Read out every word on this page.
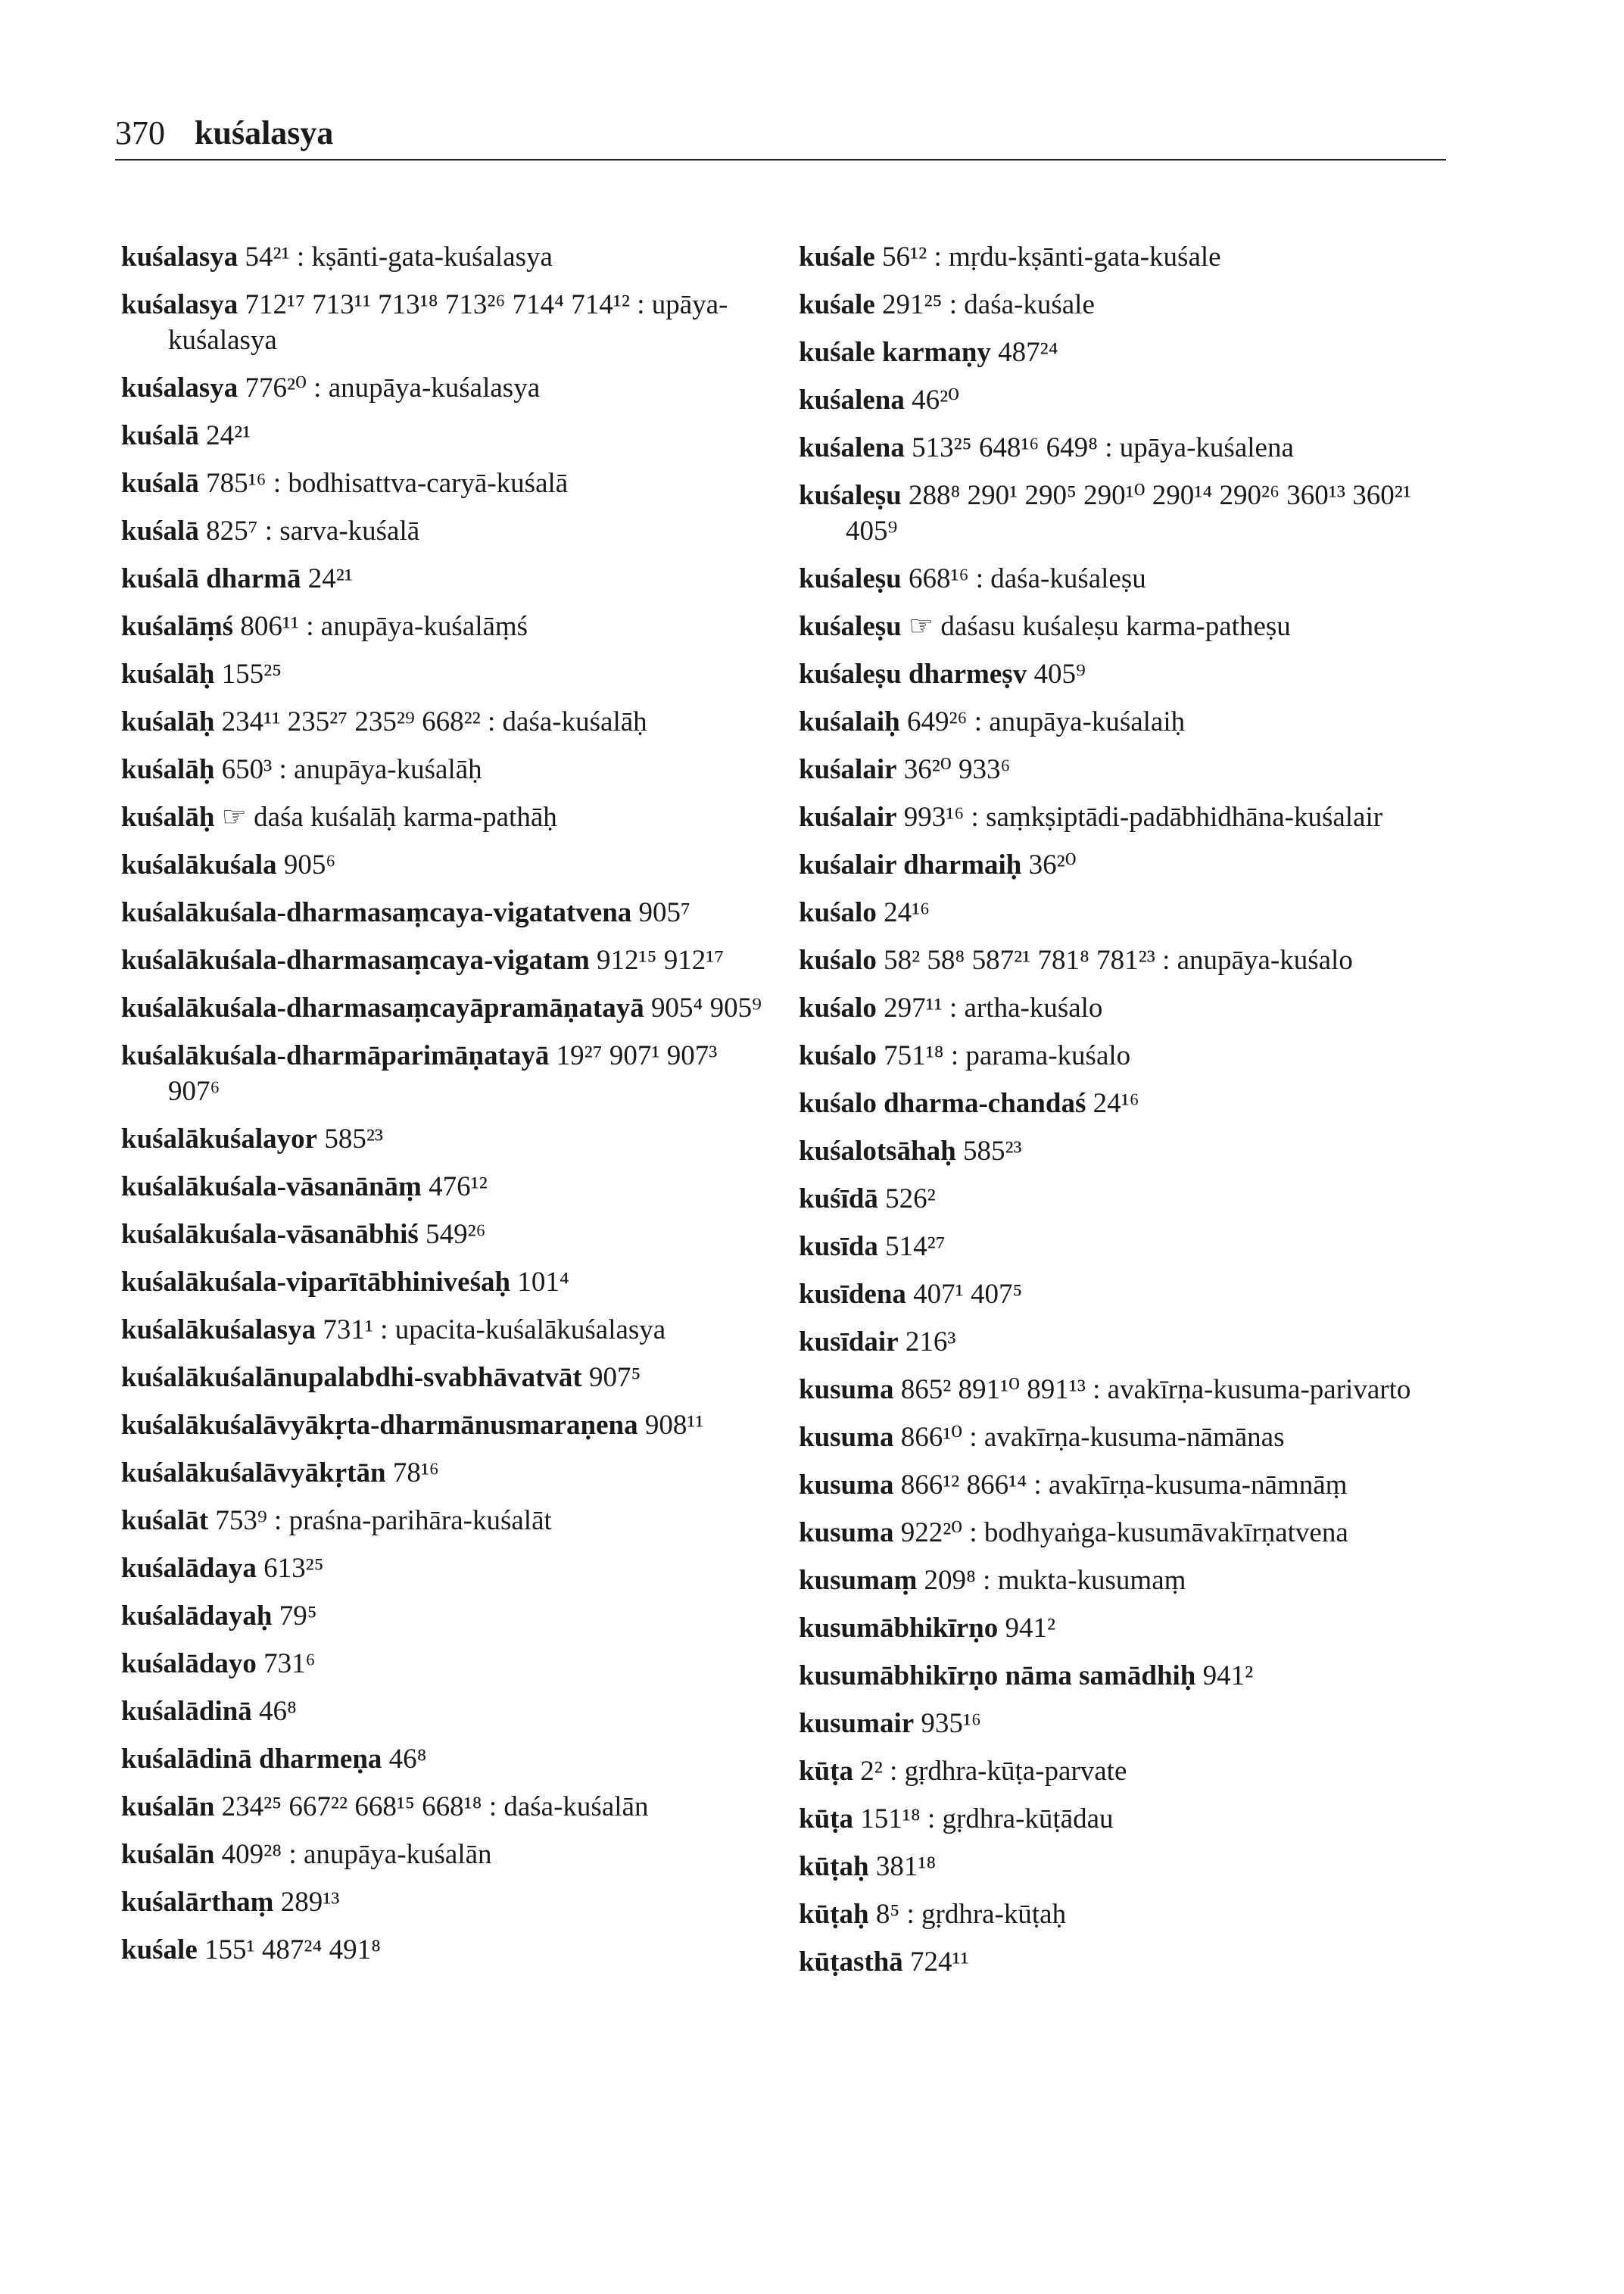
370 kuśalasya
kuśalasya 54²¹ : kṣānti-gata-kuśalasya
kuśalasya 712¹⁷ 713¹¹ 713¹⁸ 713²⁶ 714⁴ 714¹² : upāya-kuśalasya
kuśalasya 776²⁰ : anupāya-kuśalasya
kuśalā 24²¹
kuśalā 785¹⁶ : bodhisattva-caryā-kuśalā
kuśalā 825⁷ : sarva-kuśalā
kuśalā dharmā 24²¹
kuśalāṃś 806¹¹ : anupāya-kuśalāṃś
kuśalāḥ 155²⁵
kuśalāḥ 234¹¹ 235²⁷ 235²⁹ 668²² : daśa-kuśalāḥ
kuśalāḥ 650³ : anupāya-kuśalāḥ
kuśalāḥ ☞ daśa kuśalāḥ karma-pathāḥ
kuśalākuśala 905⁶
kuśalākuśala-dharmasaṃcaya-vigatatvena 905⁷
kuśalākuśala-dharmasaṃcaya-vigatam 912¹⁵ 912¹⁷
kuśalākuśala-dharmasaṃcayāpramāṇatayā 905⁴ 905⁹
kuśalākuśala-dharmāparimāṇatayā 19²⁷ 907¹ 907³ 907⁶
kuśalākuśalayor 585²³
kuśalākuśala-vāsanānāṃ 476¹²
kuśalākuśala-vāsanābhiś 549²⁶
kuśalākuśala-viparītābhiniveśaḥ 101⁴
kuśalākuśalasya 731¹ : upacita-kuśalākuśalasya
kuśalākuśalānupalabdhi-svabhāvatvāt 907⁵
kuśalākuśalāvyākṛta-dharmānusmaraṇena 908¹¹
kuśalākuśalāvyākṛtān 78¹⁶
kuśalāt 753⁹ : praśna-parihāra-kuśalāt
kuśalādaya 613²⁵
kuśalādayaḥ 79⁵
kuśalādayo 731⁶
kuśalādinā 46⁸
kuśalādinā dharmeṇa 46⁸
kuśalān 234²⁵ 667²² 668¹⁵ 668¹⁸ : daśa-kuśalān
kuśalān 409²⁸ : anupāya-kuśalān
kuśalārthaṃ 289¹³
kuśale 155¹ 487²⁴ 491⁸
kuśale 56¹² : mṛdu-kṣānti-gata-kuśale
kuśale 291²⁵ : daśa-kuśale
kuśale karmaṇy 487²⁴
kuśalena 46²⁰
kuśalena 513²⁵ 648¹⁶ 649⁸ : upāya-kuśalena
kuśaleṣu 288⁸ 290¹ 290⁵ 290¹⁰ 290¹⁴ 290²⁶ 360¹³ 360²¹ 405⁹
kuśaleṣu 668¹⁶ : daśa-kuśaleṣu
kuśaleṣu ☞ daśasu kuśaleṣu karma-patheṣu
kuśaleṣu dharmeṣv 405⁹
kuśalaiḥ 649²⁶ : anupāya-kuśalaiḥ
kuśalair 36²⁰ 933⁶
kuśalair 993¹⁶ : saṃkṣiptādi-padābhidhāna-kuśalair
kuśalair dharmaiḥ 36²⁰
kuśalo 24¹⁶
kuśalo 58² 58⁸ 587²¹ 781⁸ 781²³ : anupāya-kuśalo
kuśalo 297¹¹ : artha-kuśalo
kuśalo 751¹⁸ : parama-kuśalo
kuśalo dharma-chandaś 24¹⁶
kuśalotsāhaḥ 585²³
kuśīdā 526²
kusīda 514²⁷
kusīdena 407¹ 407⁵
kusīdair 216³
kusuma 865² 891¹⁰ 891¹³ : avakīrṇa-kusuma-parivarto
kusuma 866¹⁰ : avakīrṇa-kusuma-nāmānas
kusuma 866¹² 866¹⁴ : avakīrṇa-kusuma-nāmnāṃ
kusuma 922²⁰ : bodhyaṅga-kusumāvakīrṇatvena
kusumaṃ 209⁸ : mukta-kusumaṃ
kusumābhikīrṇo 941²
kusumābhikīrṇo nāma samādhiḥ 941²
kusumair 935¹⁶
kūṭa 2² : gṛdhra-kūṭa-parvate
kūṭa 151¹⁸ : gṛdhra-kūṭādau
kūṭaḥ 381¹⁸
kūṭaḥ 8⁵ : gṛdhra-kūṭaḥ
kūṭasthā 724¹¹
